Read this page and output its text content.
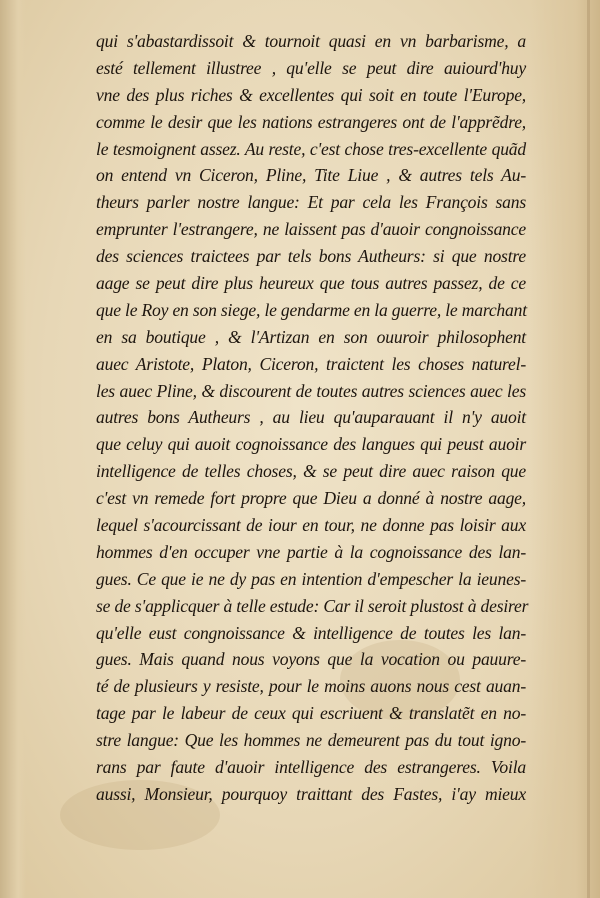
qui s'abastardissoit & tournoit quasi en vn barbarisme, a
esté tellement illustree , qu'elle se peut dire auiourd'huy
vne des plus riches & excellentes qui soit en toute l'Europe,
comme le desir que les nations estrangeres ont de l'apprẽdre,
le tesmoignent assez. Au reste, c'est chose tres-excellente quãd
on entend vn Ciceron, Pline, Tite Liue , & autres tels Au-
theurs parler nostre langue: Et par cela les François sans
emprunter l'estrangere, ne laissent pas d'auoir congnoissance
des sciences traictees par tels bons Autheurs: si que nostre
aage se peut dire plus heureux que tous autres passez, de ce
que le Roy en son siege, le gendarme en la guerre, le marchant
en sa boutique , & l'Artizan en son ouuroir philosophent
auec Aristote, Platon, Ciceron, traictent les choses naturel-
les auec Pline, & discourent de toutes autres sciences auec les
autres bons Autheurs , au lieu qu'auparauant il n'y auoit
que celuy qui auoit cognoissance des langues qui peust auoir
intelligence de telles choses, & se peut dire auec raison que
c'est vn remede fort propre que Dieu a donné à nostre aage,
lequel s'acourcissant de iour en tour, ne donne pas loisir aux
hommes d'en occuper vne partie à la cognoissance des lan-
gues. Ce que ie ne dy pas en intention d'empescher la ieunes-
se de s'applicquer à telle estude: Car il seroit plustost à desirer
qu'elle eust congnoissance & intelligence de toutes les lan-
gues. Mais quand nous voyons que la vocation ou pauure-
té de plusieurs y resiste, pour le moins auons nous cest auan-
tage par le labeur de ceux qui escriuent & translatẽt en no-
stre langue: Que les hommes ne demeurent pas du tout igno-
rans par faute d'auoir intelligence des estrangeres. Voila
aussi, Monsieur, pourquoy traittant des Fastes, i'ay mieux
